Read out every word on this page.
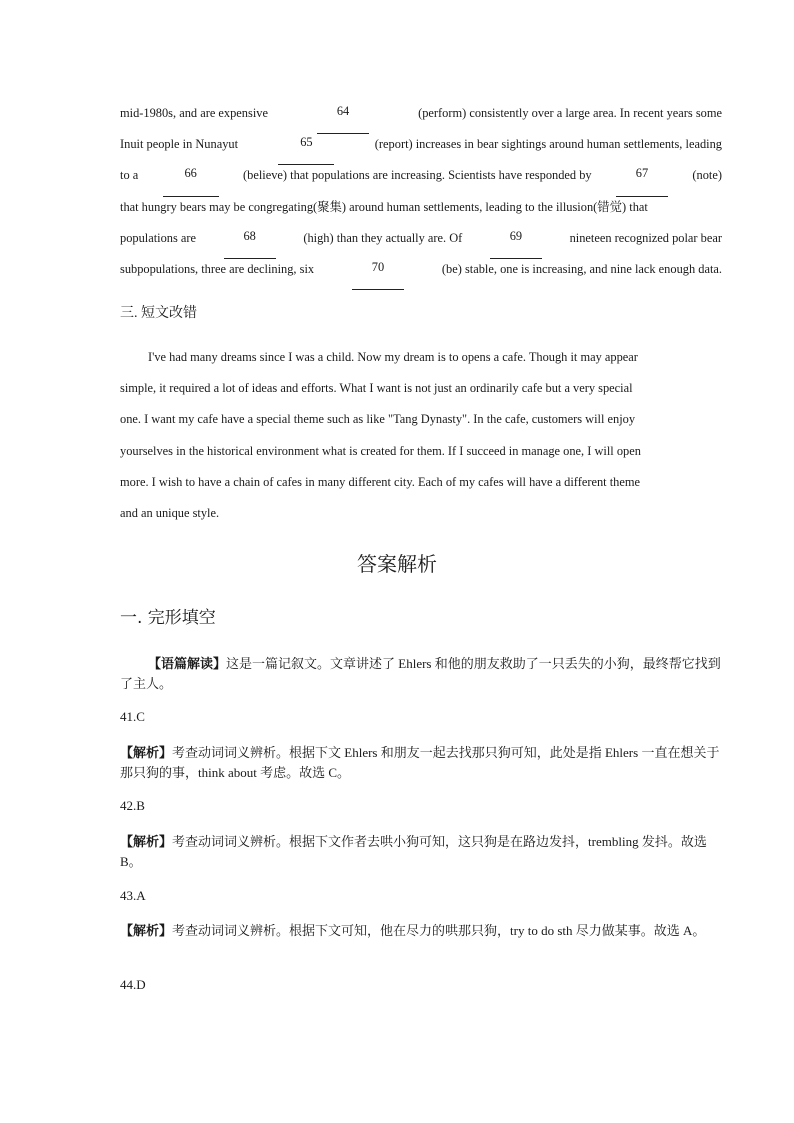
mid-1980s, and are expensive	64	(perform) consistently over a large area. In recent years some
Inuit people in Nunayut	65	(report) increases in bear sightings around human settlements, leading
to a	66	(believe) that populations are increasing. Scientists have responded by	67	(note)
that hungry bears may be congregating(聚集) around human settlements, leading to the illusion(错觉) that
populations are	68	(high) than they actually are. Of	69	nineteen recognized polar bear
subpopulations, three are declining, six	70	(be) stable, one is increasing, and nine lack enough data.
三. 短文改错
I've had many dreams since I was a child. Now my dream is to opens a cafe. Though it may appear
simple, it required a lot of ideas and efforts. What I want is not just an ordinarily cafe but a very special
one. I want my cafe have a special theme such as like "Tang Dynasty". In the cafe, customers will enjoy
yourselves in the historical environment what is created for them. If I succeed in manage one, I will open
more. I wish to have a chain of cafes in many different city. Each of my cafes will have a different theme
and an unique style.
答案解析
一. 完形填空
【语篇解读】这是一篇记叙文。文章讲述了 Ehlers 和他的朋友救助了一只丢失的小狗，最终帮它找到了主人。
41.C
【解析】考查动词词义辨析。根据下文 Ehlers 和朋友一起去找那只狗可知，此处是指 Ehlers 一直在想关于那只狗的事，think about 考虑。故选 C。
42.B
【解析】考查动词词义辨析。根据下文作者去哄小狗可知，这只狗是在路边发抖，trembling 发抖。故选 B。
43.A
【解析】考查动词词义辨析。根据下文可知，他在尽力的哄那只狗，try to do sth 尽力做某事。故选 A。
44.D
